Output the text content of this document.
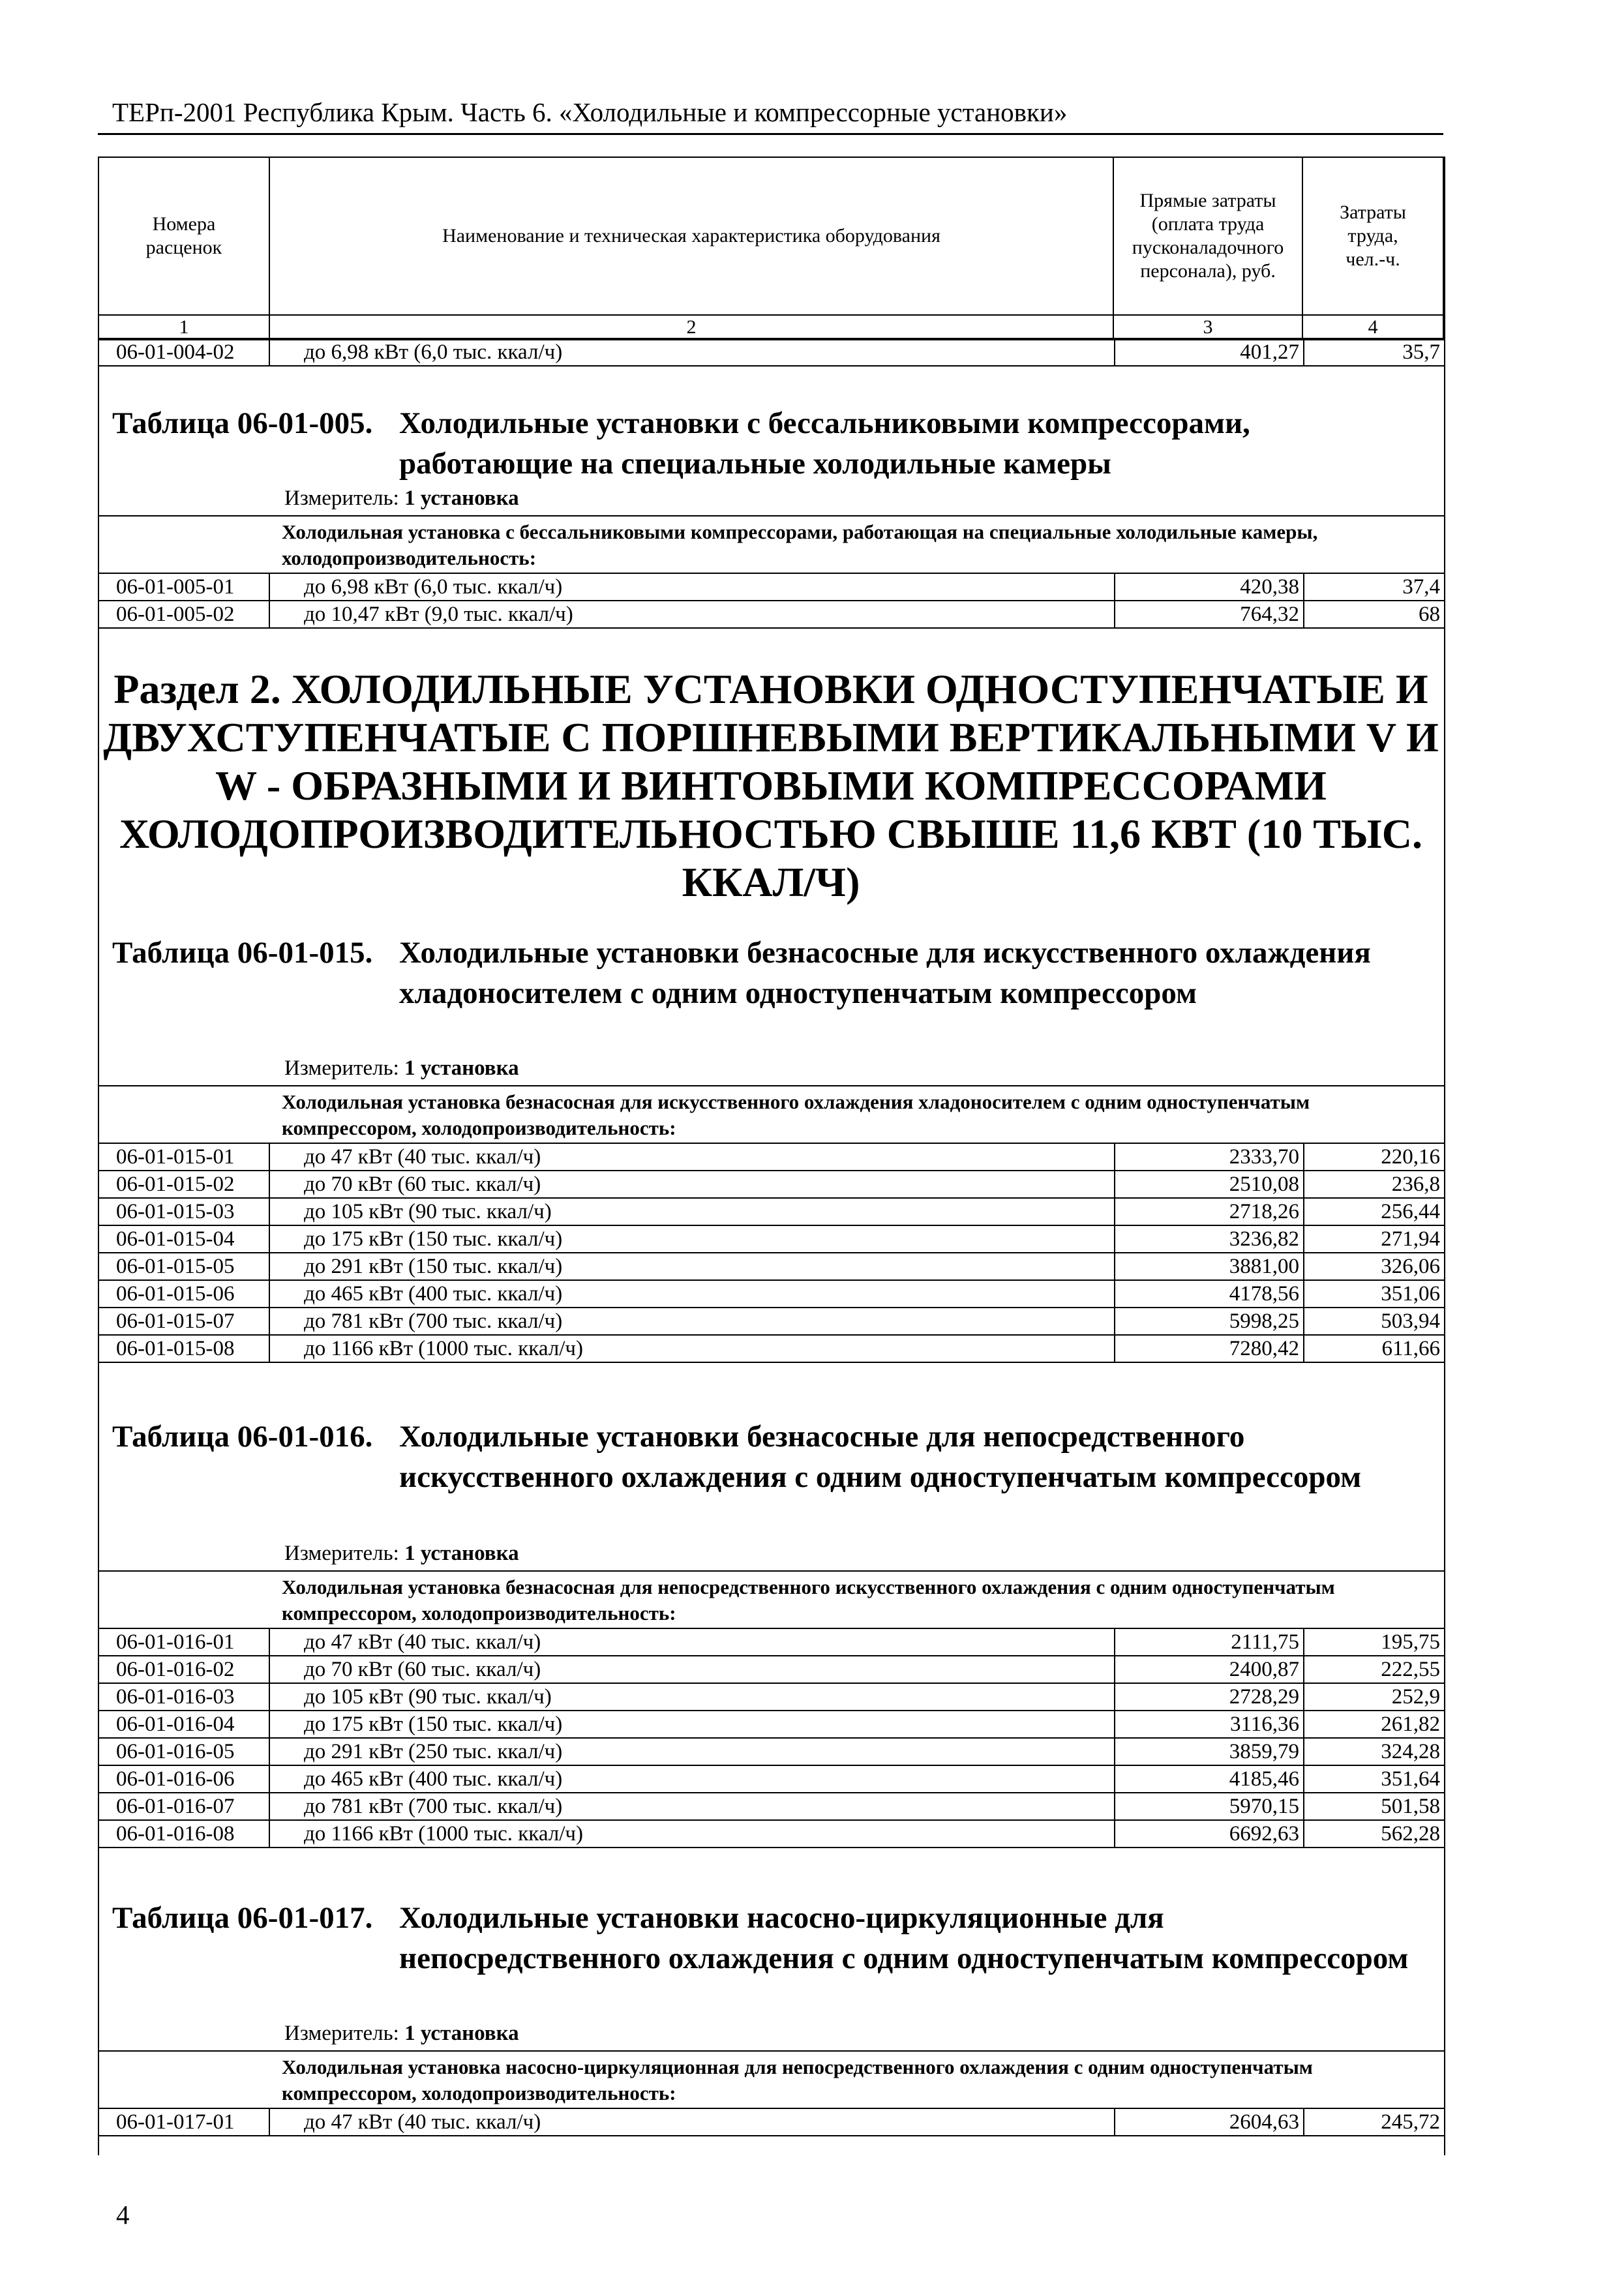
ТЕРп-2001 Республика Крым. Часть 6. «Холодильные и компрессорные установки»
Номера расценок	Наименование и техническая характеристика оборудования	Прямые затраты (оплата труда пусконаладочного персонала), руб.	Затраты труда, чел.-ч.
1	2	3	4
06-01-004-02	до 6,98 кВт (6,0 тыс. ккал/ч)	401,27	35,7
Таблица 06-01-005. Холодильные установки с бессальниковыми компрессорами, работающие на специальные холодильные камеры
Измеритель: 1 установка
Холодильная установка с бессальниковыми компрессорами, работающая на специальные холодильные камеры, холодопроизводительность:			
06-01-005-01	до 6,98 кВт (6,0 тыс. ккал/ч)	420,38	37,4
06-01-005-02	до 10,47 кВт (9,0 тыс. ккал/ч)	764,32	68
Раздел 2. ХОЛОДИЛЬНЫЕ УСТАНОВКИ ОДНОСТУПЕНЧАТЫЕ И ДВУХСТУПЕНЧАТЫЕ С ПОРШНЕВЫМИ ВЕРТИКАЛЬНЫМИ V И W - ОБРАЗНЫМИ И ВИНТОВЫМИ КОМПРЕССОРАМИ ХОЛОДОПРОИЗВОДИТЕЛЬНОСТЬЮ СВЫШЕ 11,6 КВТ (10 ТЫС. ККАЛ/Ч)
Таблица 06-01-015. Холодильные установки безнасосные для искусственного охлаждения хладоносителем с одним одноступенчатым компрессором
Измеритель: 1 установка
Холодильная установка безнасосная для искусственного охлаждения хладоносителем с одним одноступенчатым компрессором, холодопроизводительность:			
06-01-015-01	до 47 кВт (40 тыс. ккал/ч)	2333,70	220,16
06-01-015-02	до 70 кВт (60 тыс. ккал/ч)	2510,08	236,8
06-01-015-03	до 105 кВт (90 тыс. ккал/ч)	2718,26	256,44
06-01-015-04	до 175 кВт (150 тыс. ккал/ч)	3236,82	271,94
06-01-015-05	до 291 кВт (150 тыс. ккал/ч)	3881,00	326,06
06-01-015-06	до 465 кВт (400 тыс. ккал/ч)	4178,56	351,06
06-01-015-07	до 781 кВт (700 тыс. ккал/ч)	5998,25	503,94
06-01-015-08	до 1166 кВт (1000 тыс. ккал/ч)	7280,42	611,66
Таблица 06-01-016. Холодильные установки безнасосные для непосредственного искусственного охлаждения с одним одноступенчатым компрессором
Измеритель: 1 установка
Холодильная установка безнасосная для непосредственного искусственного охлаждения с одним одноступенчатым компрессором, холодопроизводительность:			
06-01-016-01	до 47 кВт (40 тыс. ккал/ч)	2111,75	195,75
06-01-016-02	до 70 кВт (60 тыс. ккал/ч)	2400,87	222,55
06-01-016-03	до 105 кВт (90 тыс. ккал/ч)	2728,29	252,9
06-01-016-04	до 175 кВт (150 тыс. ккал/ч)	3116,36	261,82
06-01-016-05	до 291 кВт (250 тыс. ккал/ч)	3859,79	324,28
06-01-016-06	до 465 кВт (400 тыс. ккал/ч)	4185,46	351,64
06-01-016-07	до 781 кВт (700 тыс. ккал/ч)	5970,15	501,58
06-01-016-08	до 1166 кВт (1000 тыс. ккал/ч)	6692,63	562,28
Таблица 06-01-017. Холодильные установки насосно-циркуляционные для непосредственного охлаждения с одним одноступенчатым компрессором
Измеритель: 1 установка
Холодильная установка насосно-циркуляционная для непосредственного охлаждения с одним одноступенчатым компрессором, холодопроизводительность:
06-01-017-01	до 47 кВт (40 тыс. ккал/ч)	2604,63	245,72
4
